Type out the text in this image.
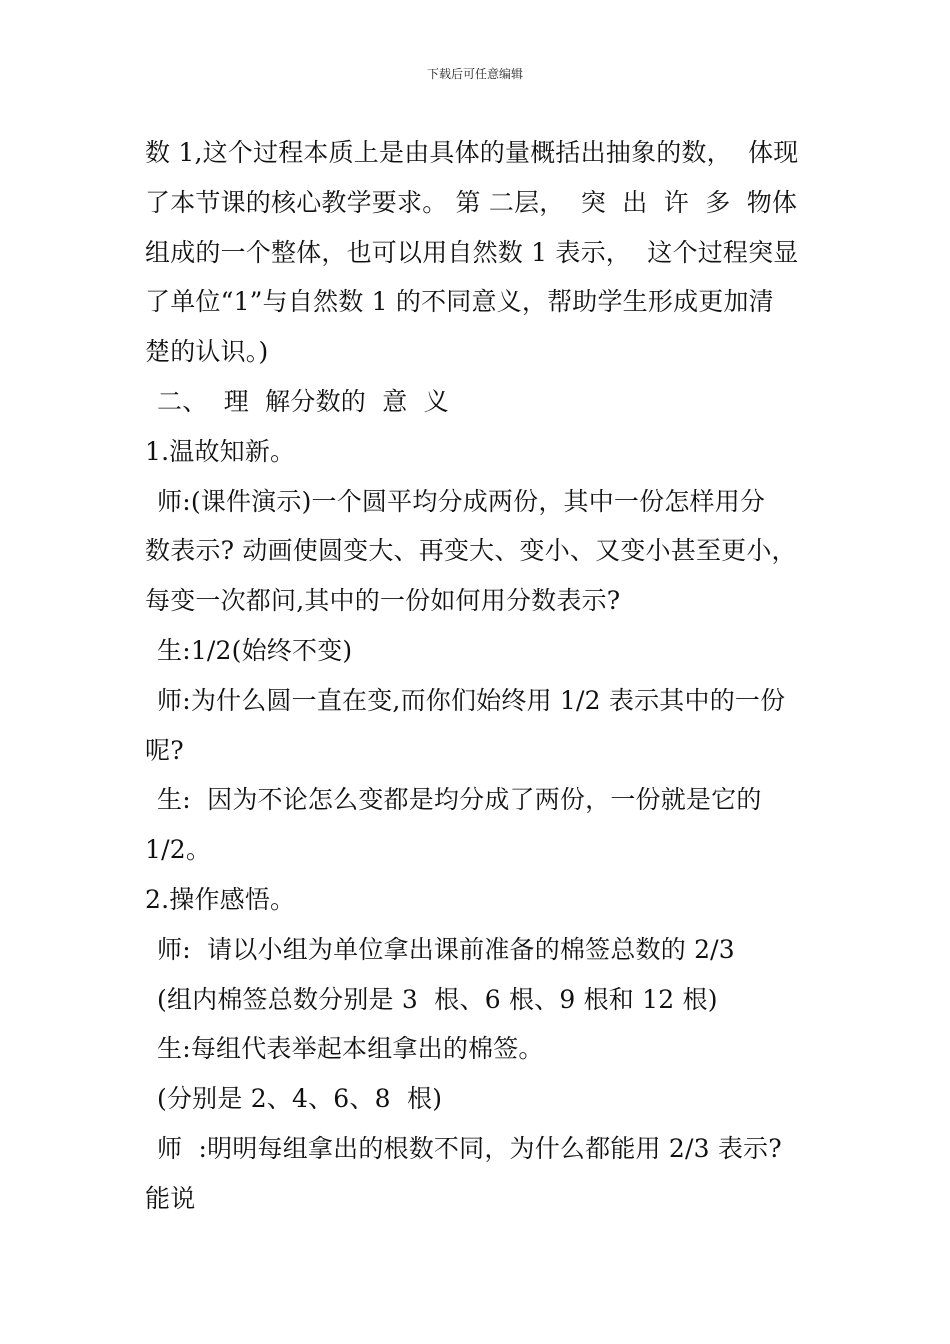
下载后可任意编辑
数 1,这个过程本质上是由具体的量概括出抽象的数，  体现
了本节课的核心教学要求。 第 二层，  突  出  许  多  物体
组成的一个整体，也可以用自然数 1 表示，  这个过程突显
了单位“1”与自然数 1 的不同意义，帮助学生形成更加清
楚的认识。)
二、  理  解分数的  意  义
1.温故知新。
师:(课件演示)一个圆平均分成两份，其中一份怎样用分
数表示? 动画使圆变大、再变大、变小、又变小甚至更小，
每变一次都问,其中的一份如何用分数表示?
生:1/2(始终不变)
师:为什么圆一直在变,而你们始终用 1/2 表示其中的一份
呢?
生:  因为不论怎么变都是均分成了两份，一份就是它的
1/2。
2.操作感悟。
师:  请以小组为单位拿出课前准备的棉签总数的 2/3
(组内棉签总数分别是 3  根、6 根、9 根和 12 根)
生:每组代表举起本组拿出的棉签。
(分别是 2、4、6、8  根)
师  :明明每组拿出的根数不同，为什么都能用 2/3 表示?
能说
